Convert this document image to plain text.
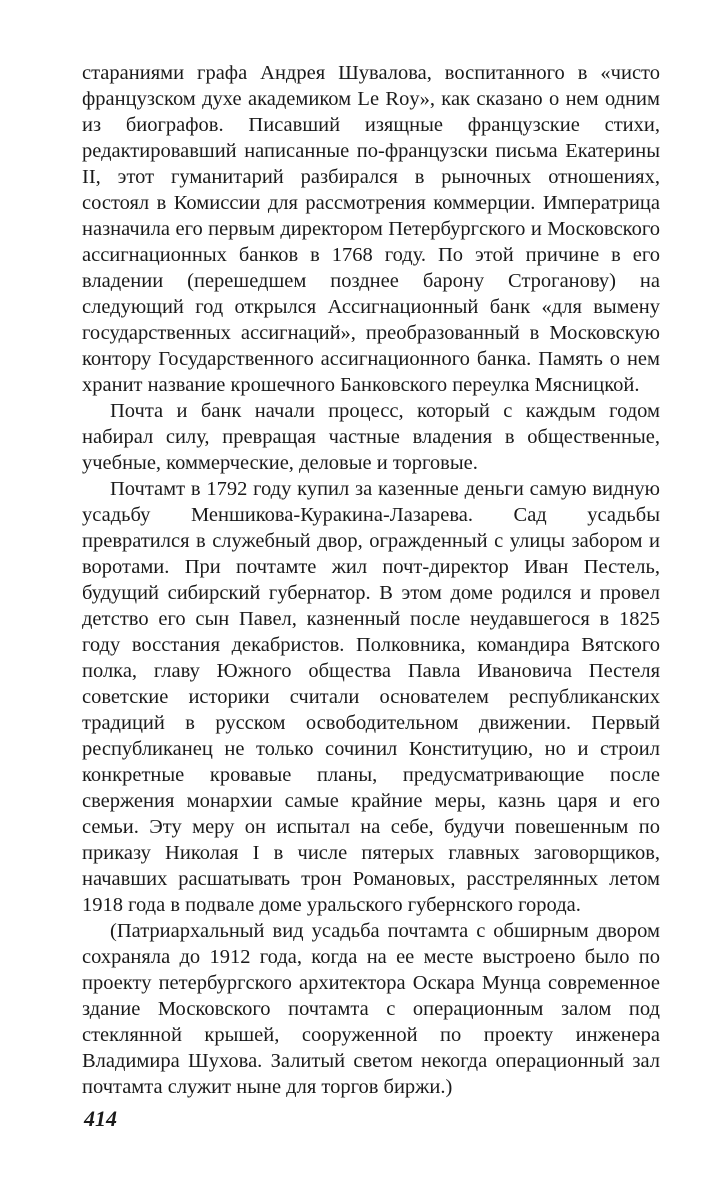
стараниями графа Андрея Шувалова, воспитанного в «чисто французском духе академиком Le Roy», как сказано о нем одним из биографов. Писавший изящные французские стихи, редактировавший написанные по-французски письма Екатерины II, этот гуманитарий разбирался в рыночных отношениях, состоял в Комиссии для рассмотрения коммерции. Императрица назначила его первым директором Петербургского и Московского ассигнационных банков в 1768 году. По этой причине в его владении (перешедшем позднее барону Строганову) на следующий год открылся Ассигнационный банк «для вымену государственных ассигнаций», преобразованный в Московскую контору Государственного ассигнационного банка. Память о нем хранит название крошечного Банковского переулка Мясницкой.

Почта и банк начали процесс, который с каждым годом набирал силу, превращая частные владения в общественные, учебные, коммерческие, деловые и торговые.

Почтамт в 1792 году купил за казенные деньги самую видную усадьбу Меншикова-Куракина-Лазарева. Сад усадьбы превратился в служебный двор, огражденный с улицы забором и воротами. При почтамте жил почт-директор Иван Пестель, будущий сибирский губернатор. В этом доме родился и провел детство его сын Павел, казненный после неудавшегося в 1825 году восстания декабристов. Полковника, командира Вятского полка, главу Южного общества Павла Ивановича Пестеля советские историки считали основателем республиканских традиций в русском освободительном движении. Первый республиканец не только сочинил Конституцию, но и строил конкретные кровавые планы, предусматривающие после свержения монархии самые крайние меры, казнь царя и его семьи. Эту меру он испытал на себе, будучи повешенным по приказу Николая I в числе пятерых главных заговорщиков, начавших расшатывать трон Романовых, расстрелянных летом 1918 года в подвале доме уральского губернского города.

(Патриархальный вид усадьба почтамта с обширным двором сохраняла до 1912 года, когда на ее месте выстроено было по проекту петербургского архитектора Оскара Мунца современное здание Московского почтамта с операционным залом под стеклянной крышей, сооруженной по проекту инженера Владимира Шухова. Залитый светом некогда операционный зал почтамта служит ныне для торгов биржи.)

414
